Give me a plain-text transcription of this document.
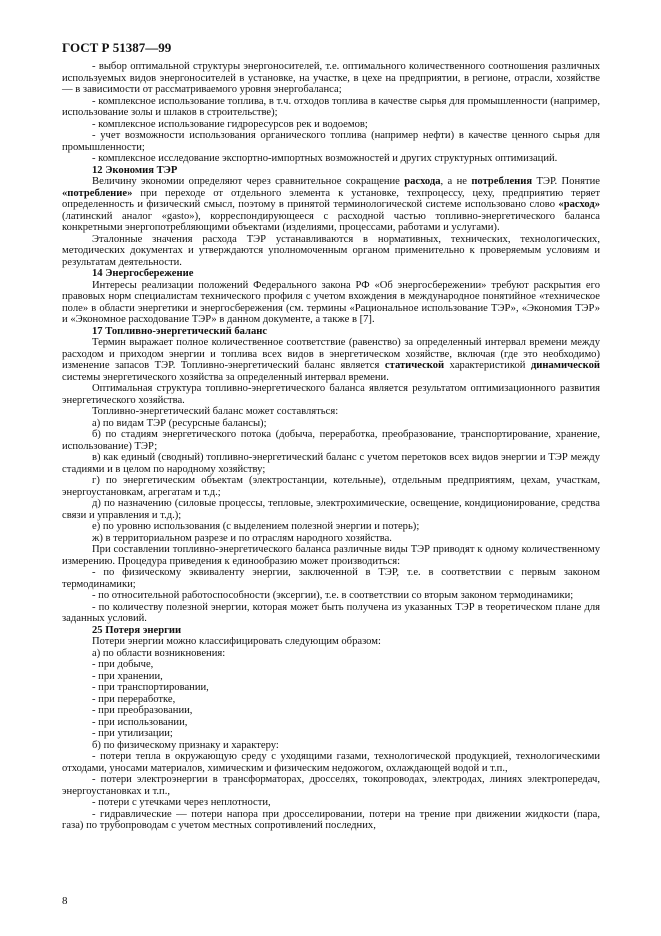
ГОСТ Р 51387—99

- выбор оптимальной структуры энергоносителей, т.е. оптимального количественного соотношения различных используемых видов энергоносителей в установке, на участке, в цехе на предприятии, в регионе, отрасли, хозяйстве — в зависимости от рассматриваемого уровня энергобаланса;

- комплексное использование топлива, в т.ч. отходов топлива в качестве сырья для промышленности (например, использование золы и шлаков в строительстве);

- комплексное использование гидроресурсов рек и водоемов;

- учет возможности использования органического топлива (например нефти) в качестве ценного сырья для промышленности;

- комплексное исследование экспортно-импортных возможностей и других структурных оптимизаций.

12 Экономия ТЭР

Величину экономии определяют через сравнительное сокращение расхода, а не потребления ТЭР. Понятие «потребление» при переходе от отдельного элемента к установке, техпроцессу, цеху, предприятию теряет определенность и физический смысл, поэтому в принятой терминологической системе использовано слово «расход» (латинский аналог «gasto»), корреспондирующееся с расходной частью топливно-энергетического баланса конкретными энергопотребляющими объектами (изделиями, процессами, работами и услугами).

Эталонные значения расхода ТЭР устанавливаются в нормативных, технических, технологических, методических документах и утверждаются уполномоченным органом применительно к проверяемым условиям и результатам деятельности.

14 Энергосбережение

Интересы реализации положений Федерального закона РФ «Об энергосбережении» требуют раскрытия его правовых норм специалистам технического профиля с учетом вхождения в международное понятийное «техническое поле» в области энергетики и энергосбережения (см. термины «Рациональное использование ТЭР», «Экономия ТЭР» и «Экономное расходование ТЭР» в данном документе, а также в [7].

17 Топливно-энергетический баланс

Термин выражает полное количественное соответствие (равенство) за определенный интервал времени между расходом и приходом энергии и топлива всех видов в энергетическом хозяйстве, включая (где это необходимо) изменение запасов ТЭР. Топливно-энергетический баланс является статической характеристикой динамической системы энергетического хозяйства за определенный интервал времени.

Оптимальная структура топливно-энергетического баланса является результатом оптимизационного развития энергетического хозяйства.

Топливно-энергетический баланс может составляться:

а) по видам ТЭР (ресурсные балансы);

б) по стадиям энергетического потока (добыча, переработка, преобразование, транспортирование, хранение, использование) ТЭР;

в) как единый (сводный) топливно-энергетический баланс с учетом перетоков всех видов энергии и ТЭР между стадиями и в целом по народному хозяйству;

г) по энергетическим объектам (электростанции, котельные), отдельным предприятиям, цехам, участкам, энергоустановкам, агрегатам и т.д.;

д) по назначению (силовые процессы, тепловые, электрохимические, освещение, кондиционирование, средства связи и управления и т.д.);

е) по уровню использования (с выделением полезной энергии и потерь);

ж) в территориальном разрезе и по отраслям народного хозяйства.

При составлении топливно-энергетического баланса различные виды ТЭР приводят к одному количественному измерению. Процедура приведения к единообразию может производиться:

- по физическому эквиваленту энергии, заключенной в ТЭР, т.е. в соответствии с первым законом термодинамики;

- по относительной работоспособности (эксергии), т.е. в соответствии со вторым законом термодинамики;

- по количеству полезной энергии, которая может быть получена из указанных ТЭР в теоретическом плане для заданных условий.

25 Потеря энергии

Потери энергии можно классифицировать следующим образом:

а) по области возникновения:

- при добыче,

- при хранении,

- при транспортировании,

- при переработке,

- при преобразовании,

- при использовании,

- при утилизации;

б) по физическому признаку и характеру:

- потери тепла в окружающую среду с уходящими газами, технологической продукцией, технологическими отходами, уносами материалов, химическим и физическим недожогом, охлаждающей водой и т.п.,

- потери электроэнергии в трансформаторах, дросселях, токопроводах, электродах, линиях электропередач, энергоустановках и т.п.,

- потери с утечками через неплотности,

- гидравлические — потери напора при дросселировании, потери на трение при движении жидкости (пара, газа) по трубопроводам с учетом местных сопротивлений последних,

8
